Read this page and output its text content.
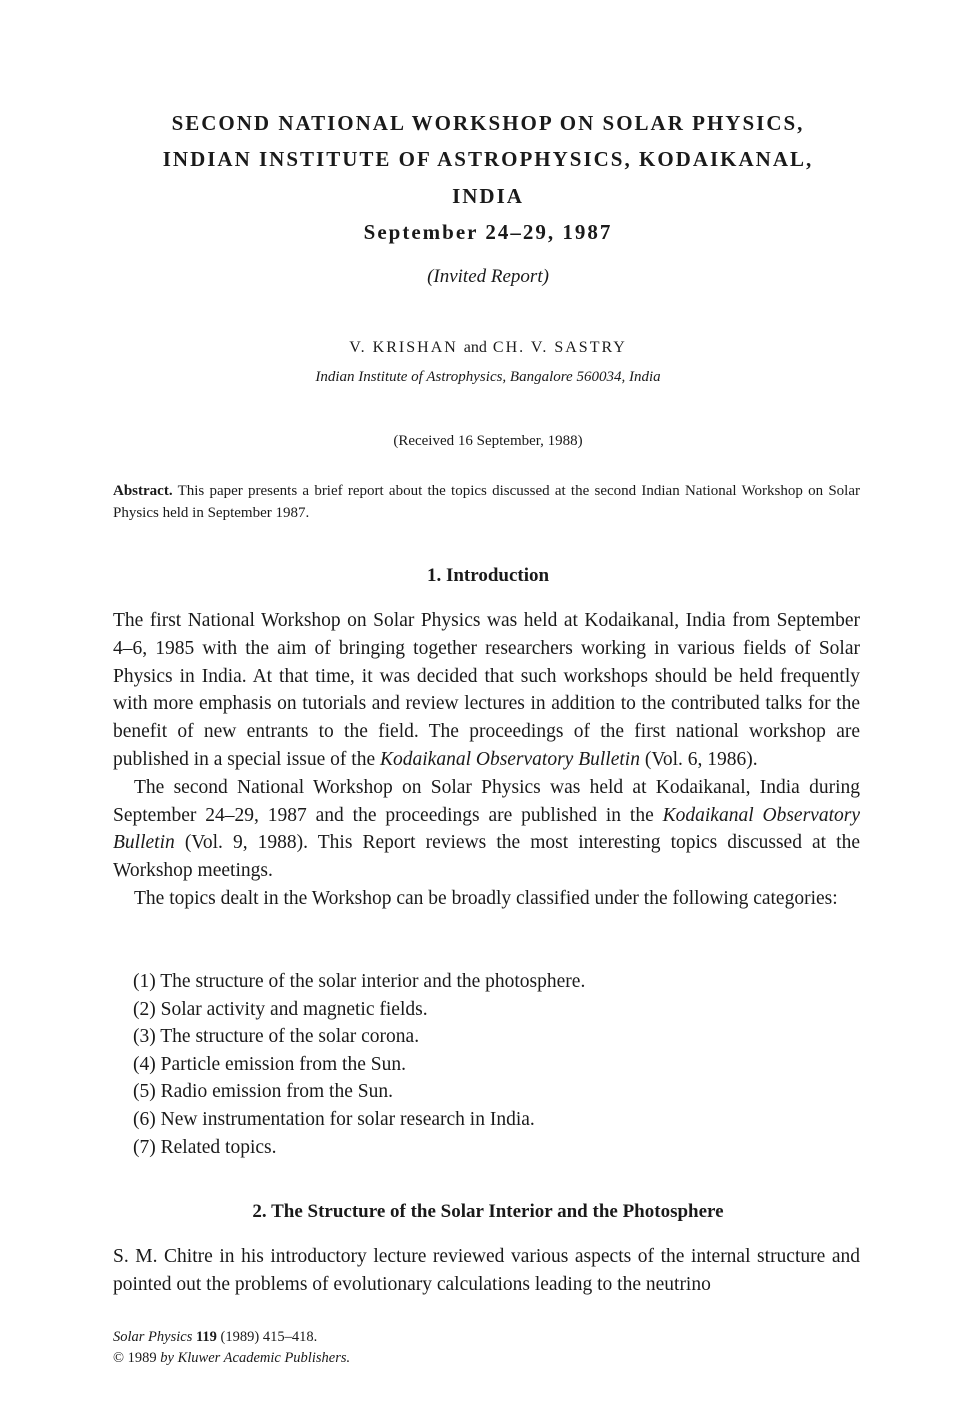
SECOND NATIONAL WORKSHOP ON SOLAR PHYSICS,
INDIAN INSTITUTE OF ASTROPHYSICS, KODAIKANAL,
INDIA
September 24–29, 1987
(Invited Report)
V. KRISHAN and CH. V. SASTRY
Indian Institute of Astrophysics, Bangalore 560034, India
(Received 16 September, 1988)
Abstract. This paper presents a brief report about the topics discussed at the second Indian National Workshop on Solar Physics held in September 1987.
1. Introduction

The first National Workshop on Solar Physics was held at Kodaikanal, India from September 4–6, 1985 with the aim of bringing together researchers working in various fields of Solar Physics in India. At that time, it was decided that such workshops should be held frequently with more emphasis on tutorials and review lectures in addition to the contributed talks for the benefit of new entrants to the field. The proceedings of the first national workshop are published in a special issue of the Kodaikanal Observatory Bulletin (Vol. 6, 1986).

The second National Workshop on Solar Physics was held at Kodaikanal, India during September 24–29, 1987 and the proceedings are published in the Kodaikanal Observatory Bulletin (Vol. 9, 1988). This Report reviews the most interesting topics discussed at the Workshop meetings.

The topics dealt in the Workshop can be broadly classified under the following categories:

(1) The structure of the solar interior and the photosphere.
(2) Solar activity and magnetic fields.
(3) The structure of the solar corona.
(4) Particle emission from the Sun.
(5) Radio emission from the Sun.
(6) New instrumentation for solar research in India.
(7) Related topics.
2. The Structure of the Solar Interior and the Photosphere

S. M. Chitre in his introductory lecture reviewed various aspects of the internal structure and pointed out the problems of evolutionary calculations leading to the neutrino

Solar Physics 119 (1989) 415–418.
© 1989 by Kluwer Academic Publishers.
